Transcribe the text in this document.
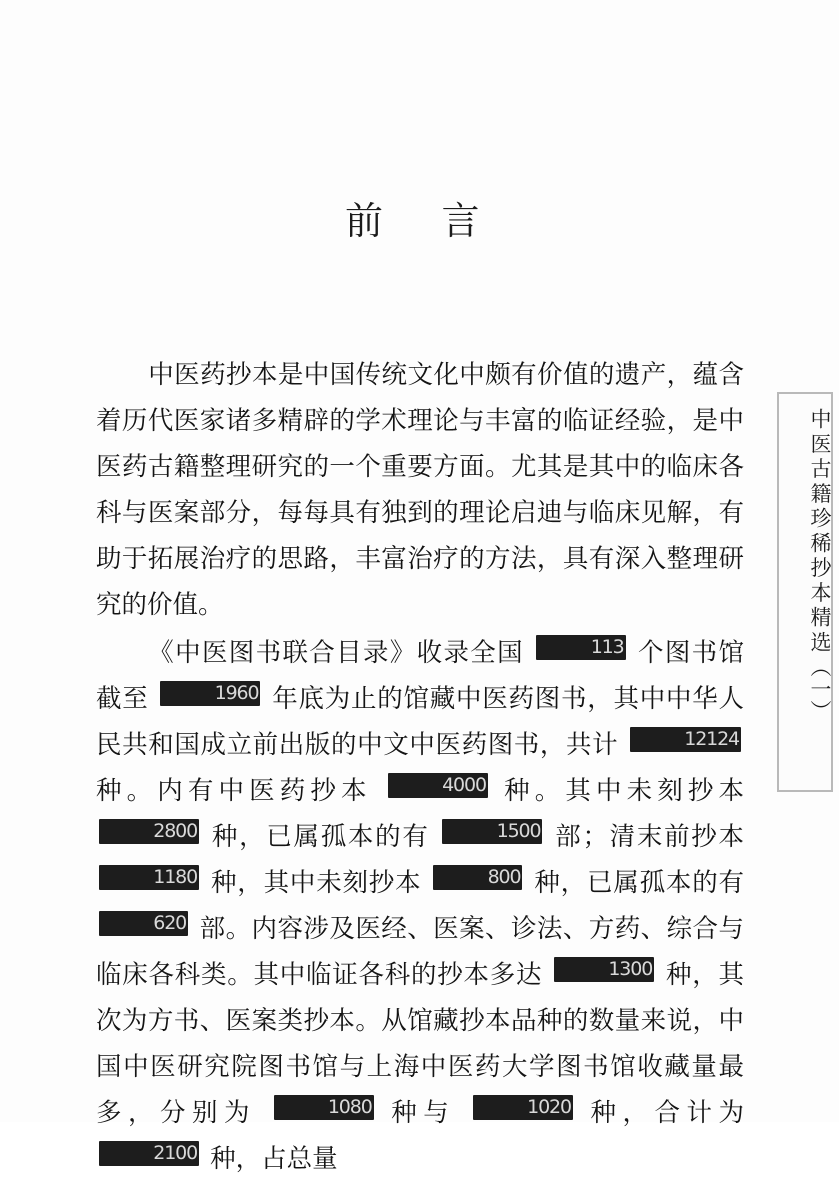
前 言

中医药抄本是中国传统文化中颇有价值的遗产，蕴含着历代医家诸多精辟的学术理论与丰富的临证经验，是中医药古籍整理研究的一个重要方面。尤其是其中的临床各科与医案部分，每每具有独到的理论启迪与临床见解，有助于拓展治疗的思路，丰富治疗的方法，具有深入整理研究的价值。

《中医图书联合目录》收录全国	113 个图书馆截至	1960 年底为止的馆藏中医药图书，其中中华人民共和国成立前出版的中文中医药图书，共计	12124 种。内有中医药抄本	4000 种。其中未刻抄本 2800 种，已属孤本的有	1500 部；清末前抄本 1180 种，其中未刻抄本	800 种，已属孤本的有 620 部。内容涉及医经、医案、诊法、方药、综合与临床各科类。其中临证各科的抄本多达	1300 种，其次为方书、医案类抄本。从馆藏抄本品种的数量来说，中国中医研究院图书馆与上海中医药大学图书馆收藏量最多，分别为	1080 种与	1020 种，合计为 2100 种，占总量

中医古籍珍稀抄本精选（一）
